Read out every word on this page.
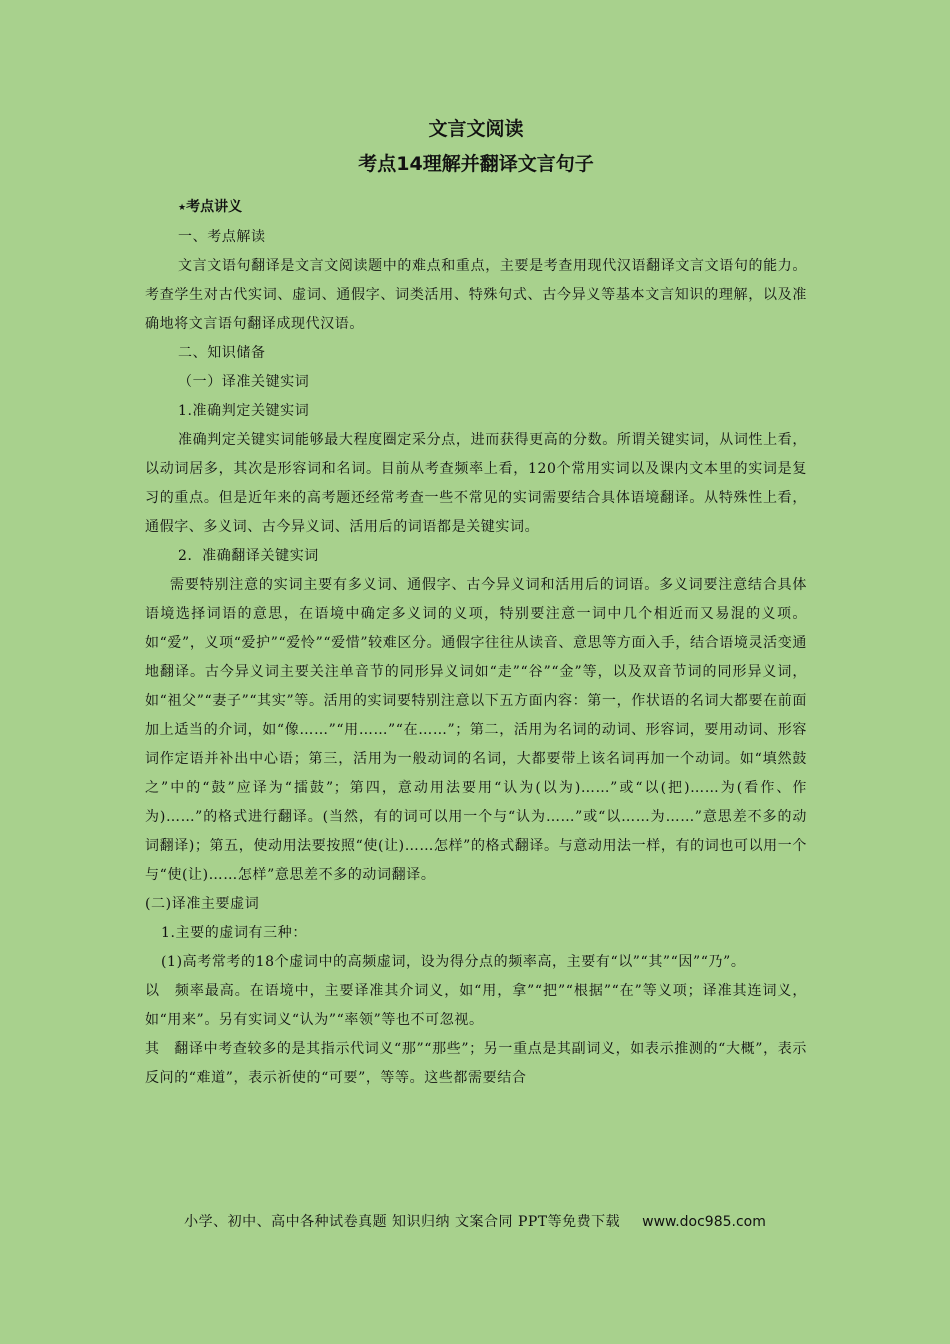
文言文阅读
考点14理解并翻译文言句子

★考点讲义

一、考点解读

文言文语句翻译是文言文阅读题中的难点和重点，主要是考查用现代汉语翻译文言文语句的能力。考查学生对古代实词、虚词、通假字、词类活用、特殊句式、古今异义等基本文言知识的理解，以及准确地将文言语句翻译成现代汉语。

二、知识储备

（一）译准关键实词

1.准确判定关键实词

准确判定关键实词能够最大程度圈定采分点，进而获得更高的分数。所谓关键实词，从词性上看，以动词居多，其次是形容词和名词。目前从考查频率上看，120个常用实词以及课内文本里的实词是复习的重点。但是近年来的高考题还经常考查一些不常见的实词需要结合具体语境翻译。从特殊性上看，通假字、多义词、古今异义词、活用后的词语都是关键实词。

2．准确翻译关键实词

需要特别注意的实词主要有多义词、通假字、古今异义词和活用后的词语。多义词要注意结合具体语境选择词语的意思，在语境中确定多义词的义项，特别要注意一词中几个相近而又易混的义项。如“爱”，义项“爱护”“爱怜”“爱惜”较难区分。通假字往往从读音、意思等方面入手，结合语境灵活变通地翻译。古今异义词主要关注单音节的同形异义词如“走”“谷”“金”等，以及双音节词的同形异义词，如“祖父”“妻子”“其实”等。活用的实词要特别注意以下五方面内容：第一，作状语的名词大都要在前面加上适当的介词，如“像……”“用……”“在……”；第二，活用为名词的动词、形容词，要用动词、形容词作定语并补出中心语；第三，活用为一般动词的名词，大都要带上该名词再加一个动词。如“填然鼓之”中的“鼓”应译为“擂鼓”；第四，意动用法要用“认为(以为)……”或“以(把)……为(看作、作为)……”的格式进行翻译。(当然，有的词可以用一个与“认为……”或“以……为……”意思差不多的动词翻译)；第五，使动用法要按照“使(让)……怎样”的格式翻译。与意动用法一样，有的词也可以用一个与“使(让)……怎样”意思差不多的动词翻译。

(二)译准主要虚词

1.主要的虚词有三种：

(1)高考常考的18个虚词中的高频虚词，设为得分点的频率高，主要有“以”“其”“因”“乃”。

以　频率最高。在语境中，主要译准其介词义，如“用，拿”“把”“根据”“在”等义项；译准其连词义，如“用来”。另有实词义“认为”“率领”等也不可忽视。

其　翻译中考查较多的是其指示代词义“那”“那些”；另一重点是其副词义，如表示推测的“大概”，表示反问的“难道”，表示祈使的“可要”，等等。这些都需要结合

小学、初中、高中各种试卷真题 知识归纳 文案合同 PPT等免费下载 www.doc985.com
